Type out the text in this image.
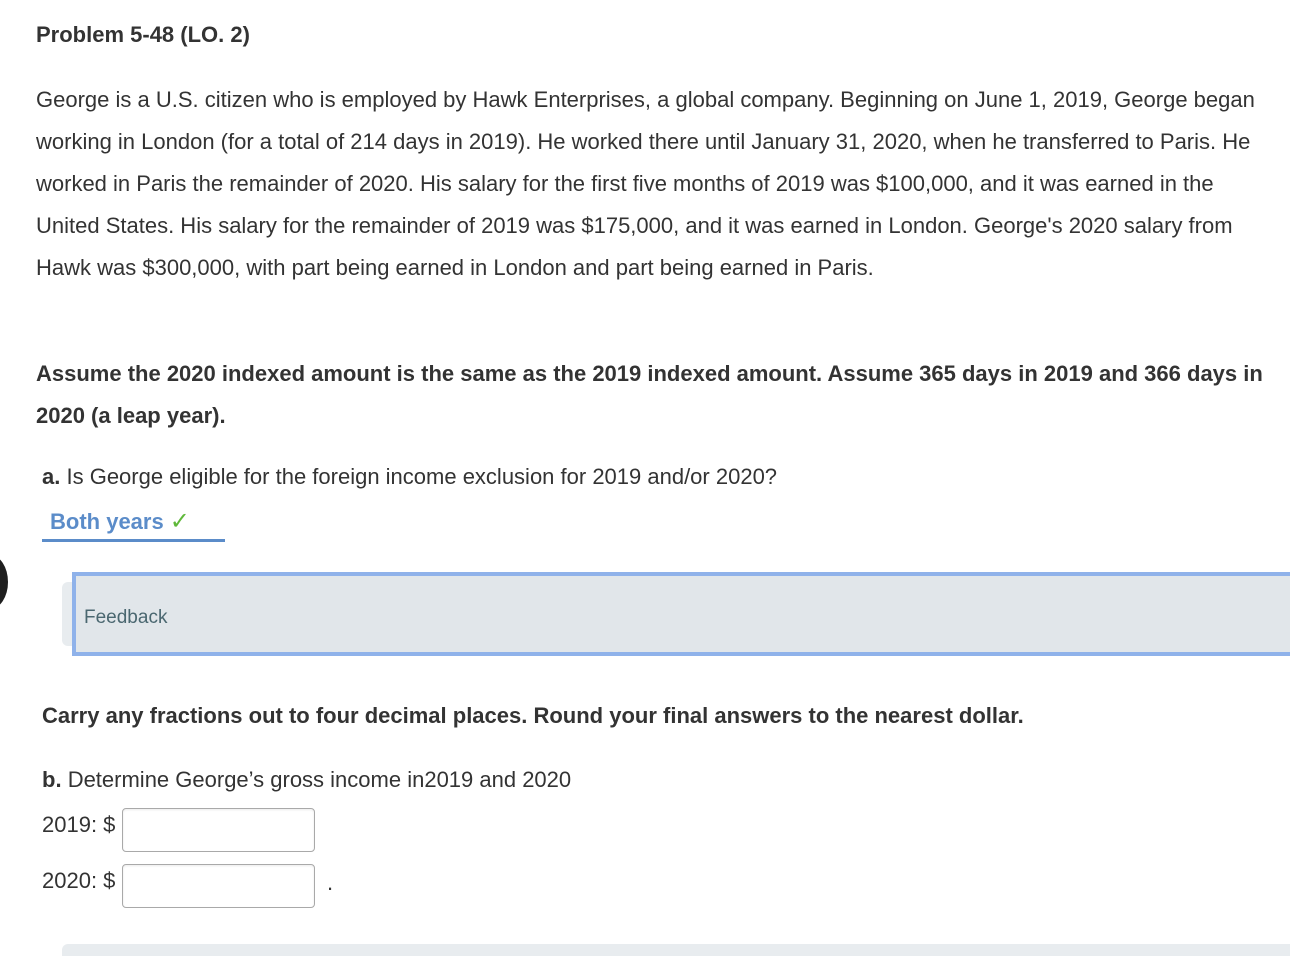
Problem 5-48 (LO. 2)
George is a U.S. citizen who is employed by Hawk Enterprises, a global company. Beginning on June 1, 2019, George began working in London (for a total of 214 days in 2019). He worked there until January 31, 2020, when he transferred to Paris. He worked in Paris the remainder of 2020. His salary for the first five months of 2019 was $100,000, and it was earned in the United States. His salary for the remainder of 2019 was $175,000, and it was earned in London. George's 2020 salary from Hawk was $300,000, with part being earned in London and part being earned in Paris.
Assume the 2020 indexed amount is the same as the 2019 indexed amount. Assume 365 days in 2019 and 366 days in 2020 (a leap year).
a. Is George eligible for the foreign income exclusion for 2019 and/or 2020?
Both years ✓
Feedback
Carry any fractions out to four decimal places. Round your final answers to the nearest dollar.
b. Determine George’s gross income in2019 and 2020
2019: $
2020: $	.
